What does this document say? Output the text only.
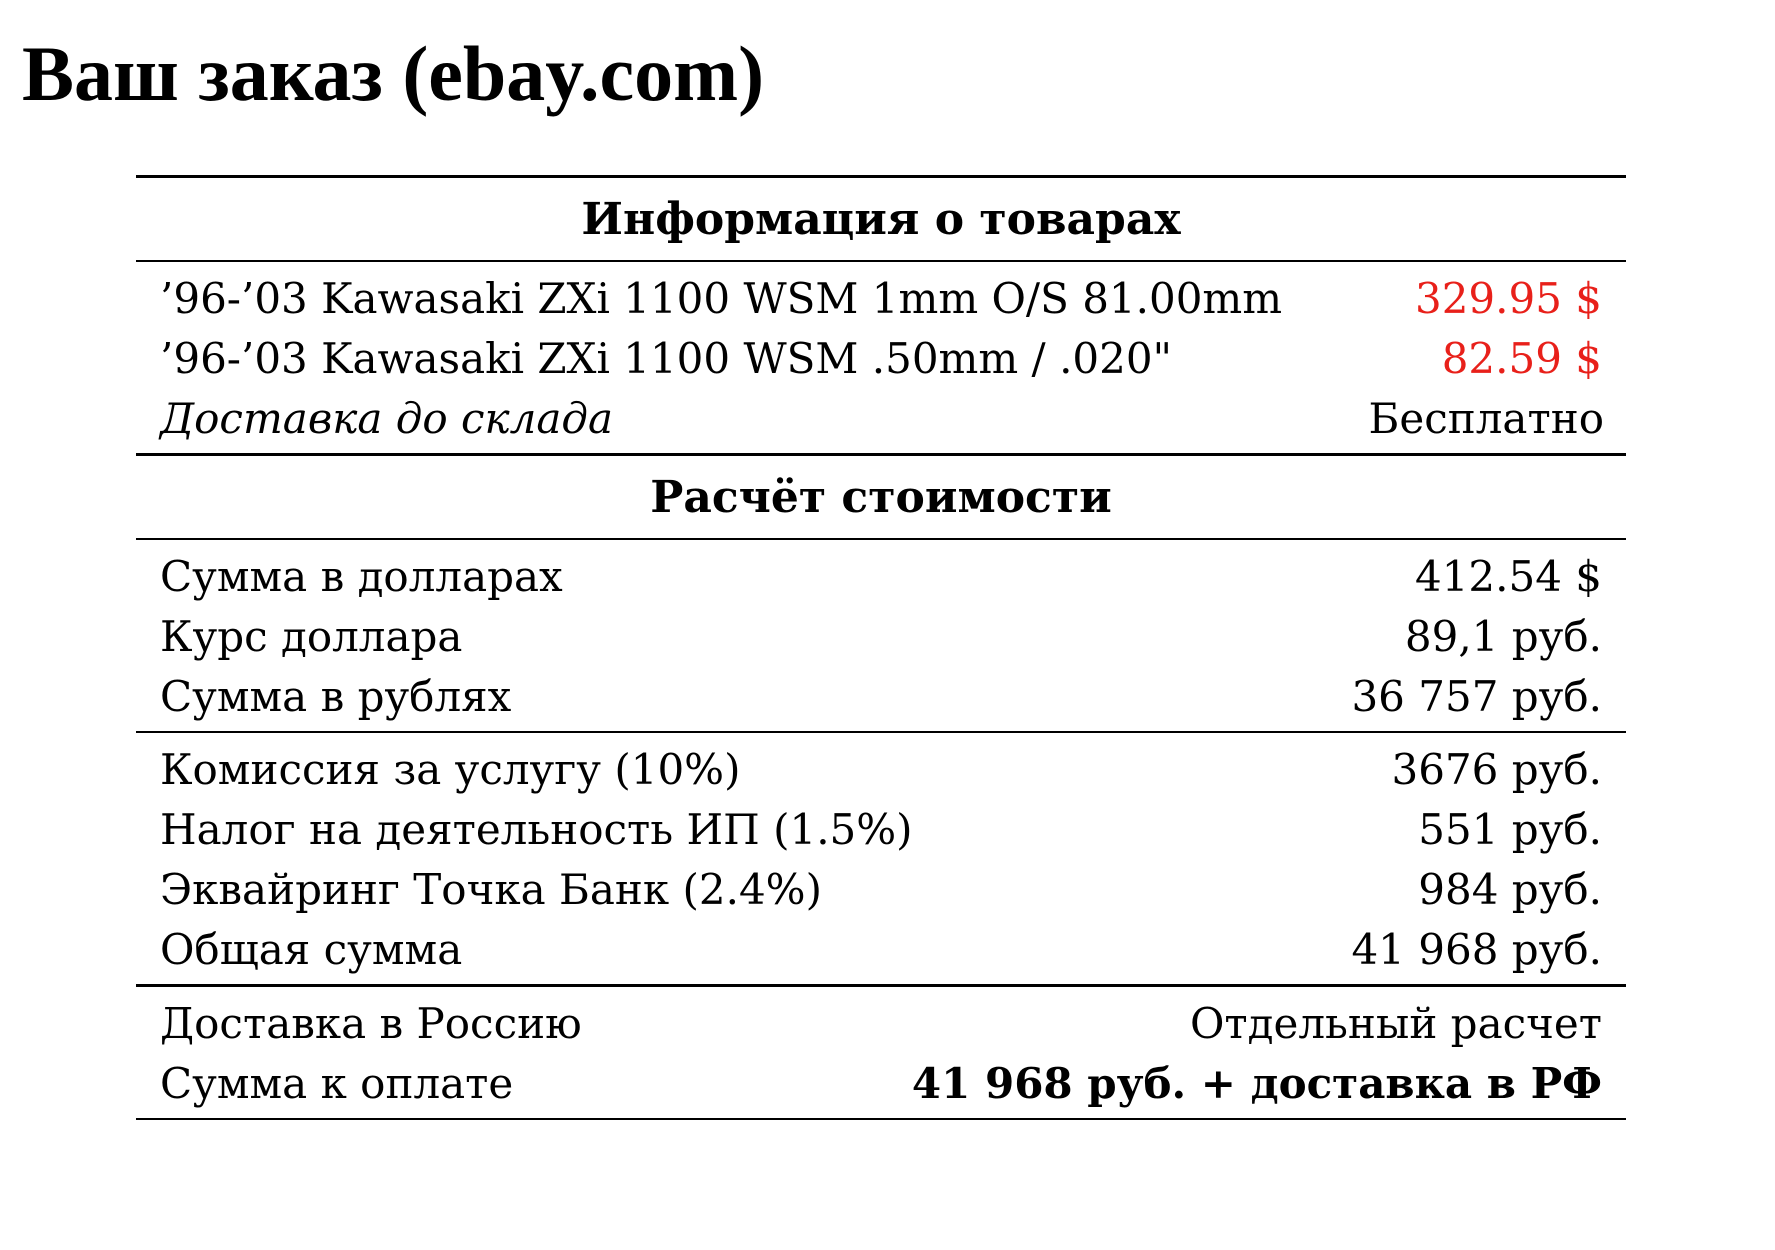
Ваш заказ (ebay.com)
Информация о товарах
’96-’03 Kawasaki ZXi 1100 WSM 1mm O/S 81.00mm	329.95 $
’96-’03 Kawasaki ZXi 1100 WSM .50mm / .020"	82.59 $
Доставка до склада	Бесплатно
Расчёт стоимости
Сумма в долларах	412.54 $
Курс доллара	89,1 руб.
Сумма в рублях	36 757 руб.
Комиссия за услугу (10%)	3676 руб.
Налог на деятельность ИП (1.5%)	551 руб.
Эквайринг Точка Банк (2.4%)	984 руб.
Общая сумма	41 968 руб.
Доставка в Россию	Отдельный расчет
Сумма к оплате	41 968 руб. + доставка в РФ
